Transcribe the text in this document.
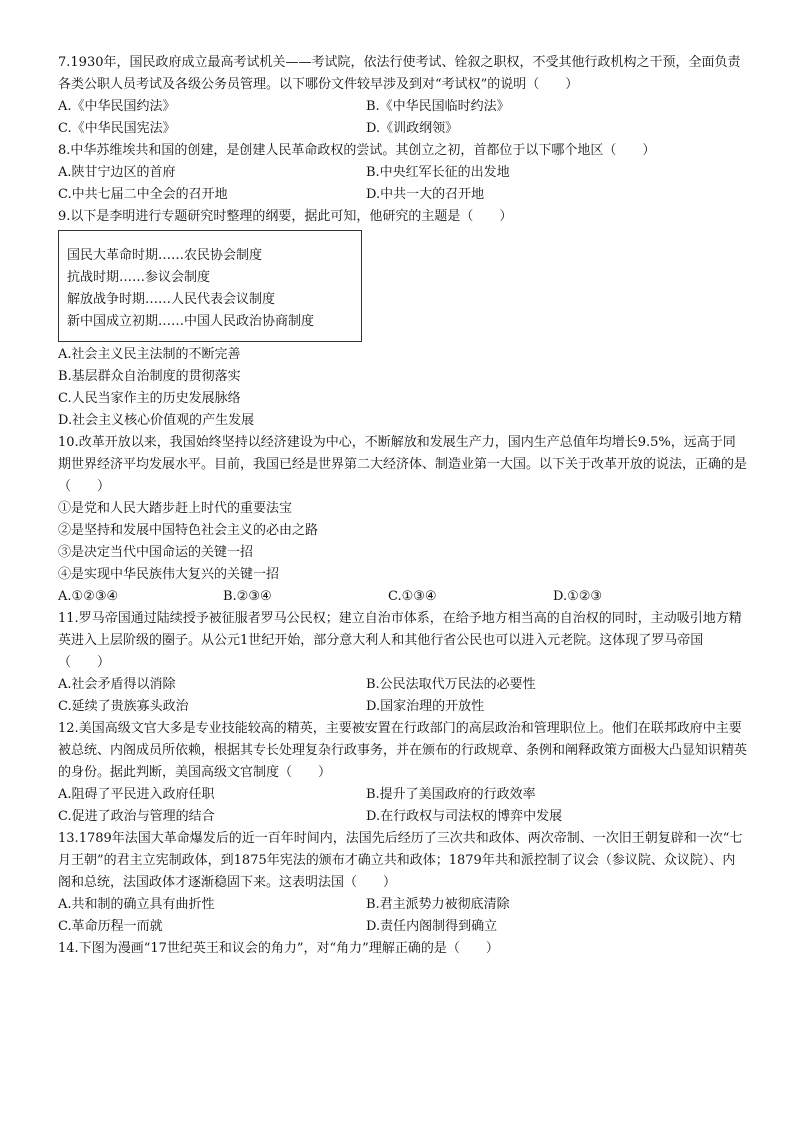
7.1930年，国民政府成立最高考试机关——考试院，依法行使考试、铨叙之职权，不受其他行政机构之干预，全面负责各类公职人员考试及各级公务员管理。以下哪份文件较早涉及到对“考试权”的说明（　　）
A.《中华民国约法》	B.《中华民国临时约法》
C.《中华民国宪法》	D.《训政纲领》
8.中华苏维埃共和国的创建，是创建人民革命政权的尝试。其创立之初，首都位于以下哪个地区（　　）
A.陕甘宁边区的首府	B.中央红军长征的出发地
C.中共七届二中全会的召开地	D.中共一大的召开地
9.以下是李明进行专题研究时整理的纲要，据此可知，他研究的主题是（　　）
国民大革命时期……农民协会制度
抗战时期……参议会制度
解放战争时期……人民代表会议制度
新中国成立初期……中国人民政治协商制度
A.社会主义民主法制的不断完善
B.基层群众自治制度的贯彻落实
C.人民当家作主的历史发展脉络
D.社会主义核心价值观的产生发展
10.改革开放以来，我国始终坚持以经济建设为中心，不断解放和发展生产力，国内生产总值年均增长9.5%，远高于同期世界经济平均发展水平。目前，我国已经是世界第二大经济体、制造业第一大国。以下关于改革开放的说法，正确的是（　　）
①是党和人民大踏步赶上时代的重要法宝
②是坚持和发展中国特色社会主义的必由之路
③是决定当代中国命运的关键一招
④是实现中华民族伟大复兴的关键一招
A.①②③④	B.②③④	C.①③④	D.①②③
11.罗马帝国通过陆续授予被征服者罗马公民权；建立自治市体系，在给予地方相当高的自治权的同时，主动吸引地方精英进入上层阶级的圈子。从公元1世纪开始，部分意大利人和其他行省公民也可以进入元老院。这体现了罗马帝国（　　）
A.社会矛盾得以消除	B.公民法取代万民法的必要性
C.延续了贵族寡头政治	D.国家治理的开放性
12.美国高级文官大多是专业技能较高的精英，主要被安置在行政部门的高层政治和管理职位上。他们在联邦政府中主要被总统、内阁成员所依赖，根据其专长处理复杂行政事务，并在颁布的行政规章、条例和阐释政策方面极大凸显知识精英的身份。据此判断，美国高级文官制度（　　）
A.阻碍了平民进入政府任职	B.提升了美国政府的行政效率
C.促进了政治与管理的结合	D.在行政权与司法权的博弈中发展
13.1789年法国大革命爆发后的近一百年时间内，法国先后经历了三次共和政体、两次帝制、一次旧王朝复辟和一次“七月王朝”的君主立宪制政体，到1875年宪法的颁布才确立共和政体；1879年共和派控制了议会（参议院、众议院）、内阁和总统，法国政体才逐渐稳固下来。这表明法国（　　）
A.共和制的确立具有曲折性	B.君主派势力被彻底清除
C.革命历程一而就	D.责任内阁制得到确立
14.下图为漫画“17世纪英王和议会的角力”，对“角力”理解正确的是（　　）
